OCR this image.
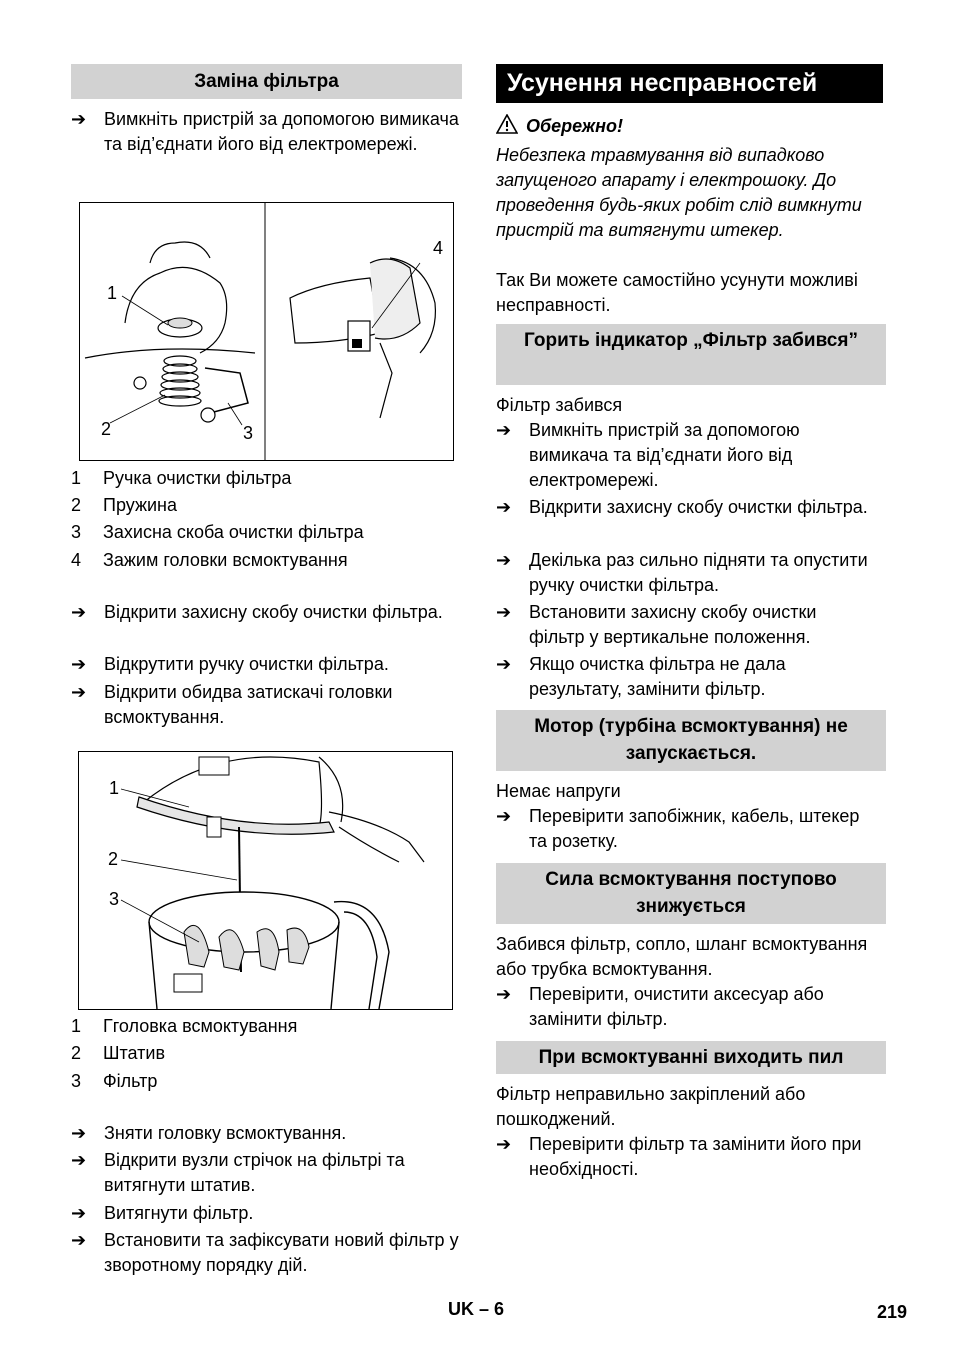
Заміна фільтра
➔ Вимкніть пристрій за допомогою вимикача та від’єднати його від електромережі.
1
2	3
4
1 Ручка очистки фільтра
2 Пружина
3 Захисна скоба очистки фільтра
4 Зажим головки всмоктування
➔ Відкрити захисну скобу очистки фільтра.
➔ Відкрутити ручку очистки фільтра.
➔ Відкрити обидва затискачі головки всмоктування.
1
2
3
1 Гголовка всмоктування
2 Штатив
3 Фільтр
➔ Зняти головку всмоктування.
➔ Відкрити вузли стрічок на фільтрі та витягнути штатив.
➔ Витягнути фільтр.
➔ Встановити та зафіксувати новий фільтр у зворотному порядку дій.
Усунення несправностей
Обережно!
Небезпека травмування від випадково запущеного апарату і електрошоку. До проведення будь-яких робіт слід вимкнути пристрій та витягнути штекер.
Так Ви можете самостійно усунути можливі несправності.
Горить індикатор „Фільтр забився”
Фільтр забився
➔ Вимкніть пристрій за допомогою вимикача та від’єднати його від електромережі.
➔ Відкрити захисну скобу очистки фільтра.
➔ Декілька раз сильно підняти та опустити ручку очистки фільтра.
➔ Встановити захисну скобу очистки фільтр у вертикальне положення.
➔ Якщо очистка фільтра не дала результату, замінити фільтр.
Мотор (турбіна всмоктування) не запускається.
Немає напруги
➔ Перевірити запобіжник, кабель, штекер та розетку.
Сила всмоктування поступово знижується
Забився фільтр, сопло, шланг всмоктування або трубка всмоктування.
➔ Перевірити, очистити аксесуар або замінити фільтр.
При всмоктуванні виходить пил
Фільтр неправильно закріплений або пошкоджений.
➔ Перевірити фільтр та замінити його при необхідності.
UK – 6	219
